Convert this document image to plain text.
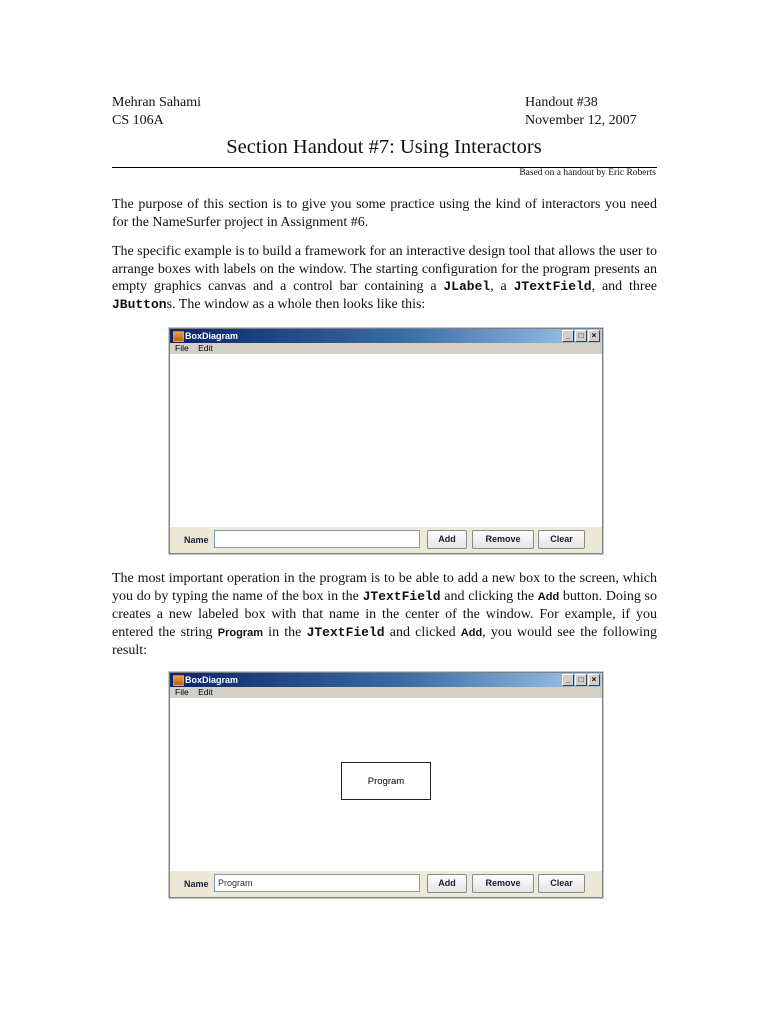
Mehran Sahami
CS 106A
Handout #38
November 12, 2007
Section Handout #7: Using Interactors
Based on a handout by Eric Roberts
The purpose of this section is to give you some practice using the kind of interactors you need for the NameSurfer project in Assignment #6.
The specific example is to build a framework for an interactive design tool that allows the user to arrange boxes with labels on the window. The starting configuration for the program presents an empty graphics canvas and a control bar containing a JLabel, a JTextField, and three JButtons. The window as a whole then looks like this:
BoxDiagram	_	□	×
File Edit
Name	Add	Remove	Clear
The most important operation in the program is to be able to add a new box to the screen, which you do by typing the name of the box in the JTextField and clicking the Add button. Doing so creates a new labeled box with that name in the center of the window. For example, if you entered the string Program in the JTextField and clicked Add, you would see the following result:
BoxDiagram	_	□	×
File Edit
Program
Name	Program	Add	Remove	Clear
